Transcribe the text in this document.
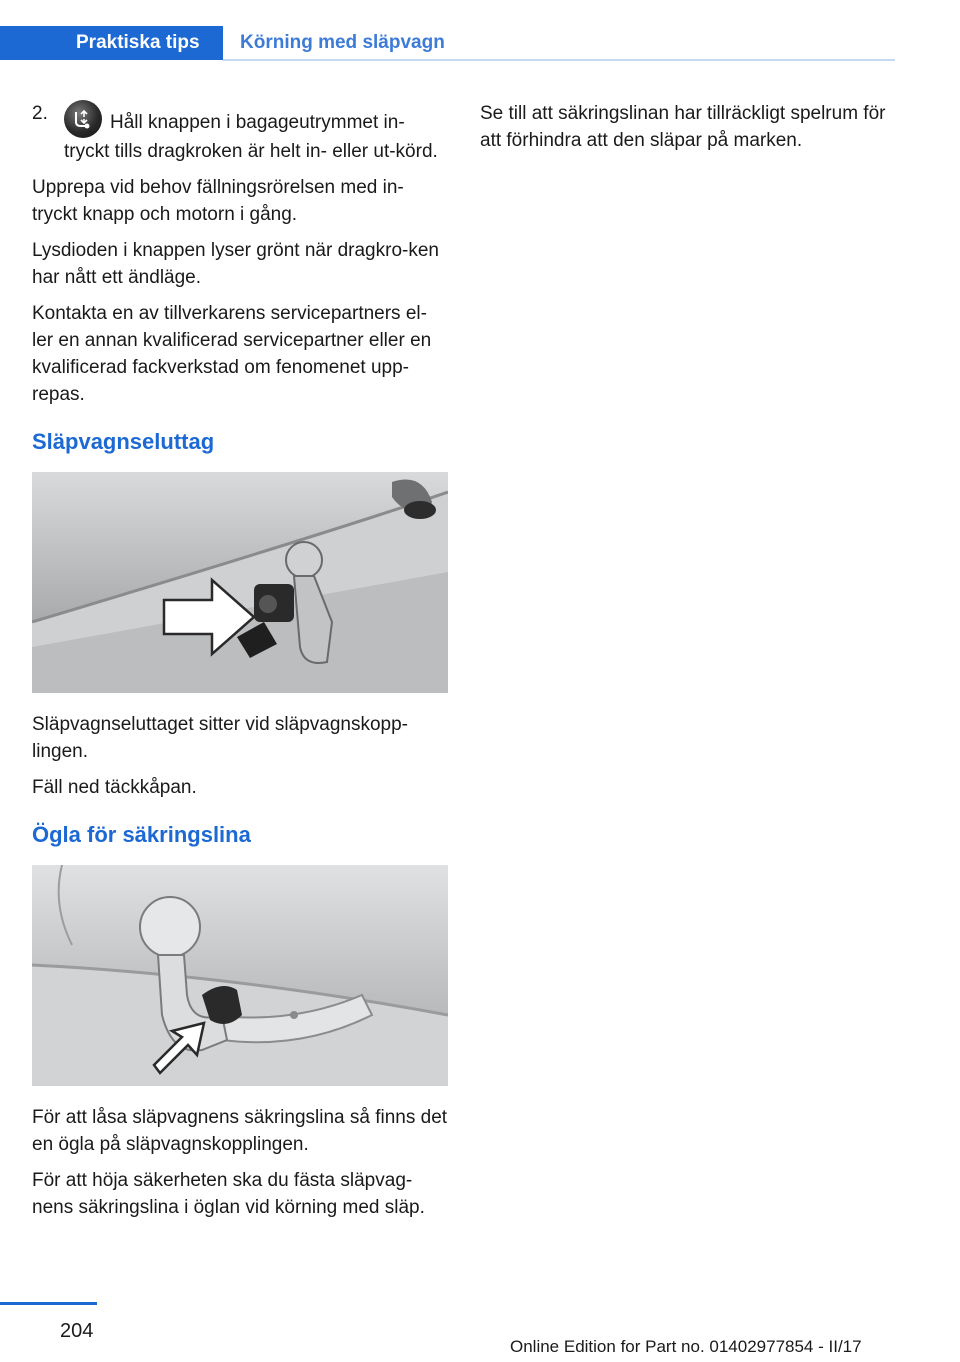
Praktiska tips	Körning med släpvagn
2.	Håll knappen i bagageutrymmet in-tryckt tills dragkroken är helt in- eller ut-körd.

Upprepa vid behov fällningsrörelsen med in-tryckt knapp och motorn i gång.

Lysdioden i knappen lyser grönt när dragkro-ken har nått ett ändläge.

Kontakta en av tillverkarens servicepartners el-ler en annan kvalificerad servicepartner eller en kvalificerad fackverkstad om fenomenet upp-repas.

Släpvagnseluttag

Släpvagnseluttaget sitter vid släpvagnskopp-lingen.

Fäll ned täckkåpan.

Ögla för säkringslina

För att låsa släpvagnens säkringslina så finns det en ögla på släpvagnskopplingen.

För att höja säkerheten ska du fästa släpvag-nens säkringslina i öglan vid körning med släp.

Se till att säkringslinan har tillräckligt spelrum för att förhindra att den släpar på marken.

204
Online Edition for Part no. 01402977854 - II/17
